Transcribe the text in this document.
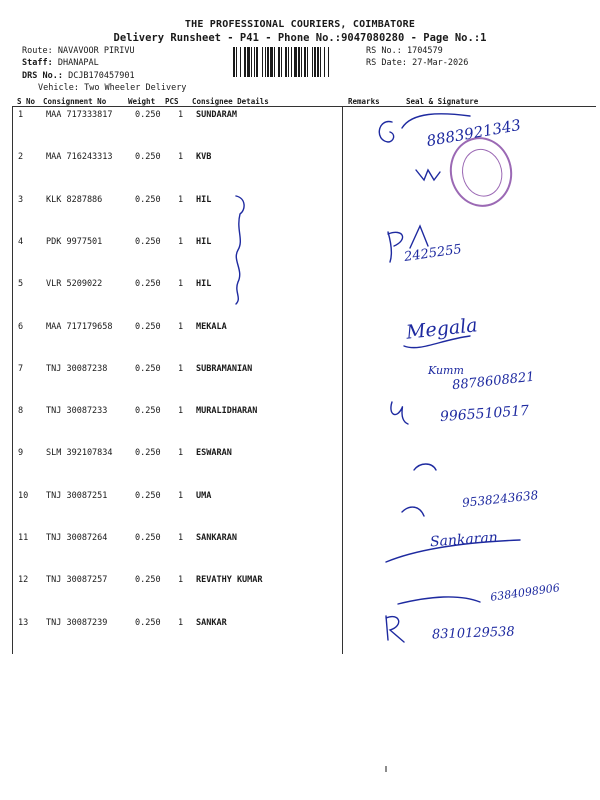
THE PROFESSIONAL COURIERS, COIMBATORE
Delivery Runsheet - P41 - Phone No.:9047080280 - Page No.:1
Route: NAVAVOOR PIRIVU
Staff: DHANAPAL
DRS No.: DCJB170457901
Vehicle: Two Wheeler Delivery
RS No.: 1704579
RS Date: 27-Mar-2026
S No Consignment No	Weight PCS Consignee Details	Remarks	Seal & Signature
1	MAA 717333817	0.250 1 SUNDARAM
2	MAA 716243313	0.250 1 KVB
3	KLK 8287886	0.250 1 HIL
4	PDK 9977501	0.250 1 HIL
5	VLR 5209022	0.250 1 HIL
6	MAA 717179658	0.250 1 MEKALA
7	TNJ 30087238	0.250 1 SUBRAMANIAN
8	TNJ 30087233	0.250 1 MURALIDHARAN
9	SLM 392107834	0.250 1 ESWARAN
10 TNJ 30087251	0.250 1 UMA
11 TNJ 30087264	0.250 1 SANKARAN
12 TNJ 30087257	0.250 1 REVATHY KUMAR
13 TNJ 30087239	0.250 1 SANKAR
8883921343
2425255
Megala
Kumm
8878608821
9965510517
9538243638
Sankaran
6384098906
8310129538
